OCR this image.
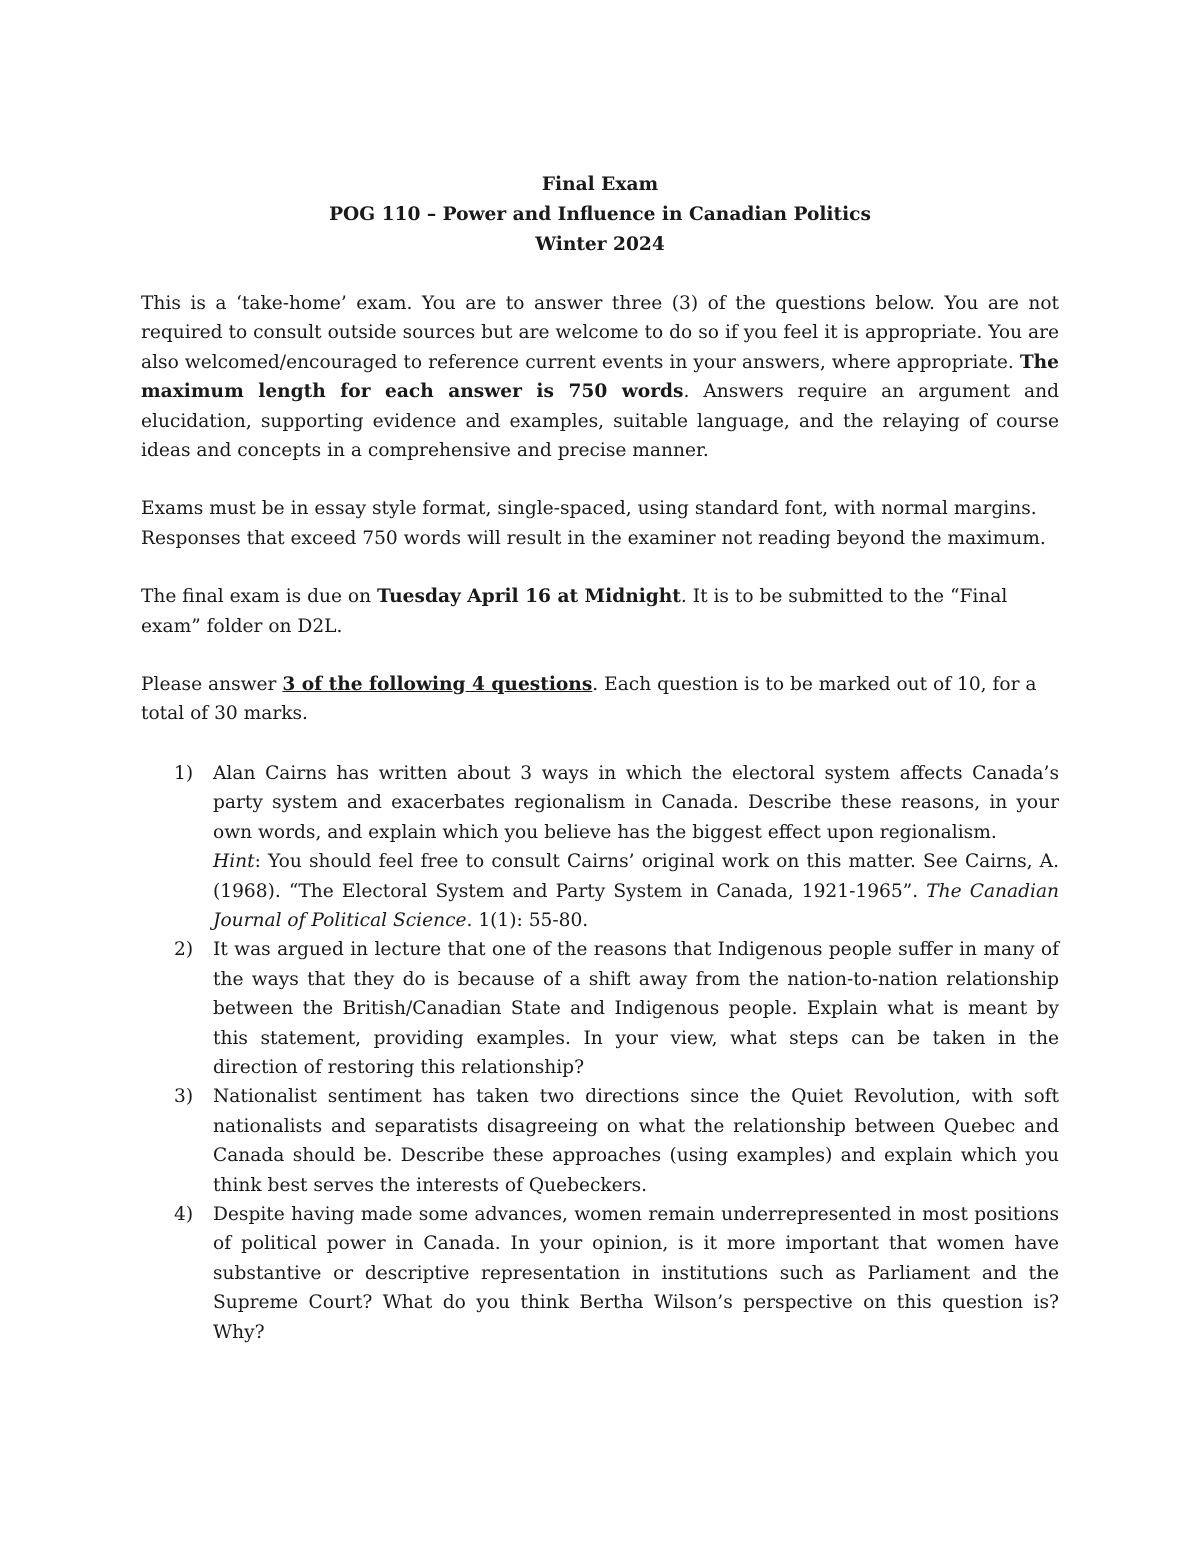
Final Exam
POG 110 – Power and Influence in Canadian Politics
Winter 2024

This is a ‘take-home’ exam. You are to answer three (3) of the questions below. You are not required to consult outside sources but are welcome to do so if you feel it is appropriate. You are also welcomed/encouraged to reference current events in your answers, where appropriate. The maximum length for each answer is 750 words. Answers require an argument and elucidation, supporting evidence and examples, suitable language, and the relaying of course ideas and concepts in a comprehensive and precise manner.

Exams must be in essay style format, single-spaced, using standard font, with normal margins. Responses that exceed 750 words will result in the examiner not reading beyond the maximum.

The final exam is due on Tuesday April 16 at Midnight. It is to be submitted to the “Final exam” folder on D2L.

Please answer 3 of the following 4 questions. Each question is to be marked out of 10, for a total of 30 marks.

1) Alan Cairns has written about 3 ways in which the electoral system affects Canada’s party system and exacerbates regionalism in Canada. Describe these reasons, in your own words, and explain which you believe has the biggest effect upon regionalism.
Hint: You should feel free to consult Cairns’ original work on this matter. See Cairns, A. (1968). “The Electoral System and Party System in Canada, 1921-1965”. The Canadian Journal of Political Science. 1(1): 55-80.
2) It was argued in lecture that one of the reasons that Indigenous people suffer in many of the ways that they do is because of a shift away from the nation-to-nation relationship between the British/Canadian State and Indigenous people. Explain what is meant by this statement, providing examples. In your view, what steps can be taken in the direction of restoring this relationship?
3) Nationalist sentiment has taken two directions since the Quiet Revolution, with soft nationalists and separatists disagreeing on what the relationship between Quebec and Canada should be. Describe these approaches (using examples) and explain which you think best serves the interests of Quebeckers.
4) Despite having made some advances, women remain underrepresented in most positions of political power in Canada. In your opinion, is it more important that women have substantive or descriptive representation in institutions such as Parliament and the Supreme Court? What do you think Bertha Wilson’s perspective on this question is? Why?
